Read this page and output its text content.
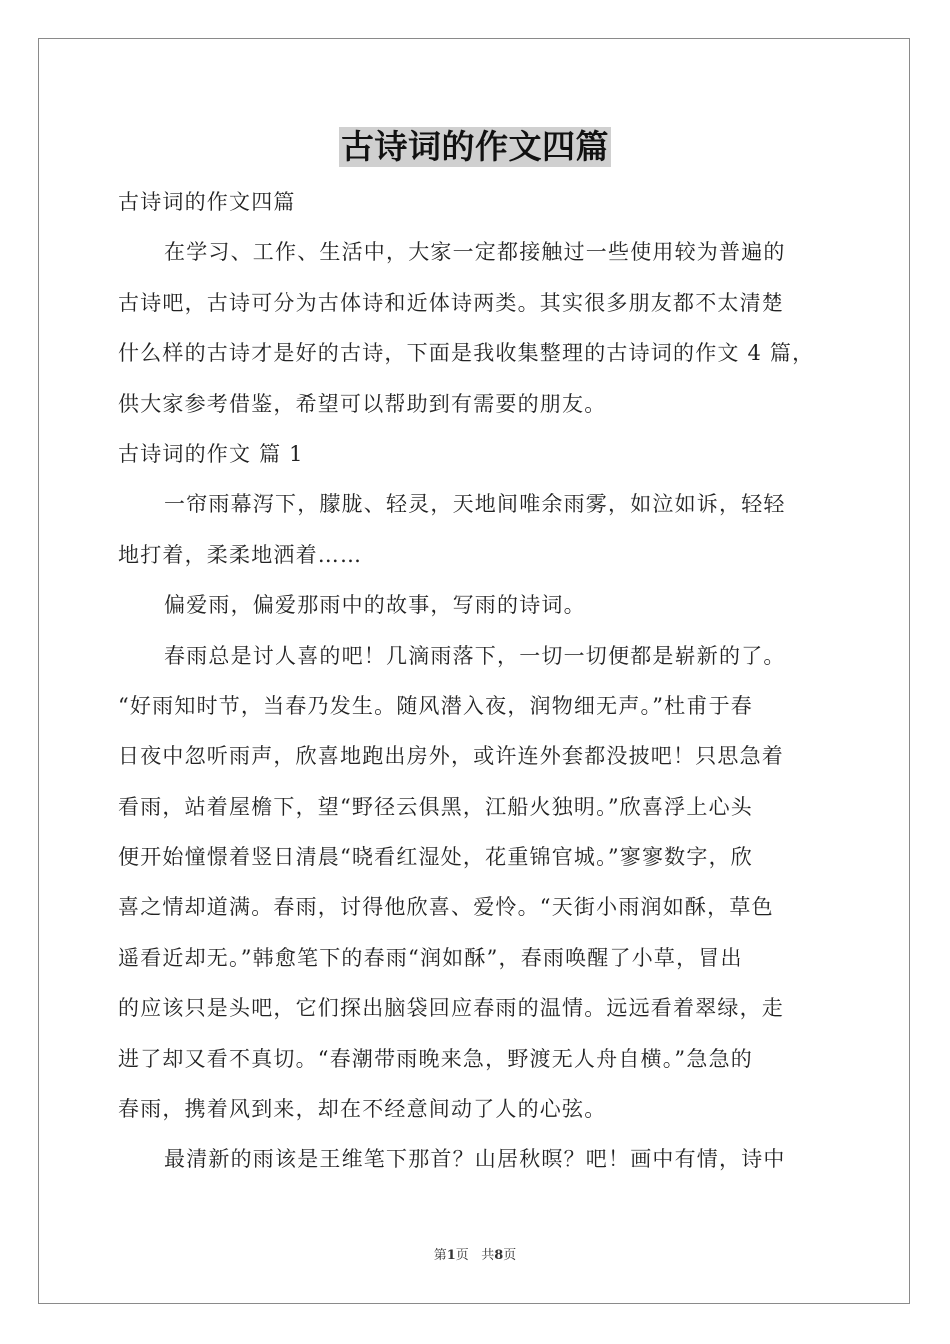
古诗词的作文四篇
古诗词的作文四篇
在学习、工作、生活中，大家一定都接触过一些使用较为普遍的
古诗吧，古诗可分为古体诗和近体诗两类。其实很多朋友都不太清楚
什么样的古诗才是好的古诗，下面是我收集整理的古诗词的作文 4 篇，
供大家参考借鉴，希望可以帮助到有需要的朋友。
古诗词的作文 篇 1
一帘雨幕泻下，朦胧、轻灵，天地间唯余雨雾，如泣如诉，轻轻
地打着，柔柔地洒着……
偏爱雨，偏爱那雨中的故事，写雨的诗词。
春雨总是讨人喜的吧！几滴雨落下，一切一切便都是崭新的了。
“好雨知时节，当春乃发生。随风潜入夜，润物细无声。”杜甫于春
日夜中忽听雨声，欣喜地跑出房外，或许连外套都没披吧！只思急着
看雨，站着屋檐下，望“野径云俱黑，江船火独明。”欣喜浮上心头
便开始憧憬着竖日清晨“晓看红湿处，花重锦官城。”寥寥数字，欣
喜之情却道满。春雨，讨得他欣喜、爱怜。“天街小雨润如酥，草色
遥看近却无。”韩愈笔下的春雨“润如酥”，春雨唤醒了小草，冒出
的应该只是头吧，它们探出脑袋回应春雨的温情。远远看着翠绿，走
进了却又看不真切。“春潮带雨晚来急，野渡无人舟自横。”急急的
春雨，携着风到来，却在不经意间动了人的心弦。
最清新的雨该是王维笔下那首？山居秋暝？吧！画中有情，诗中
第1页 共8页
